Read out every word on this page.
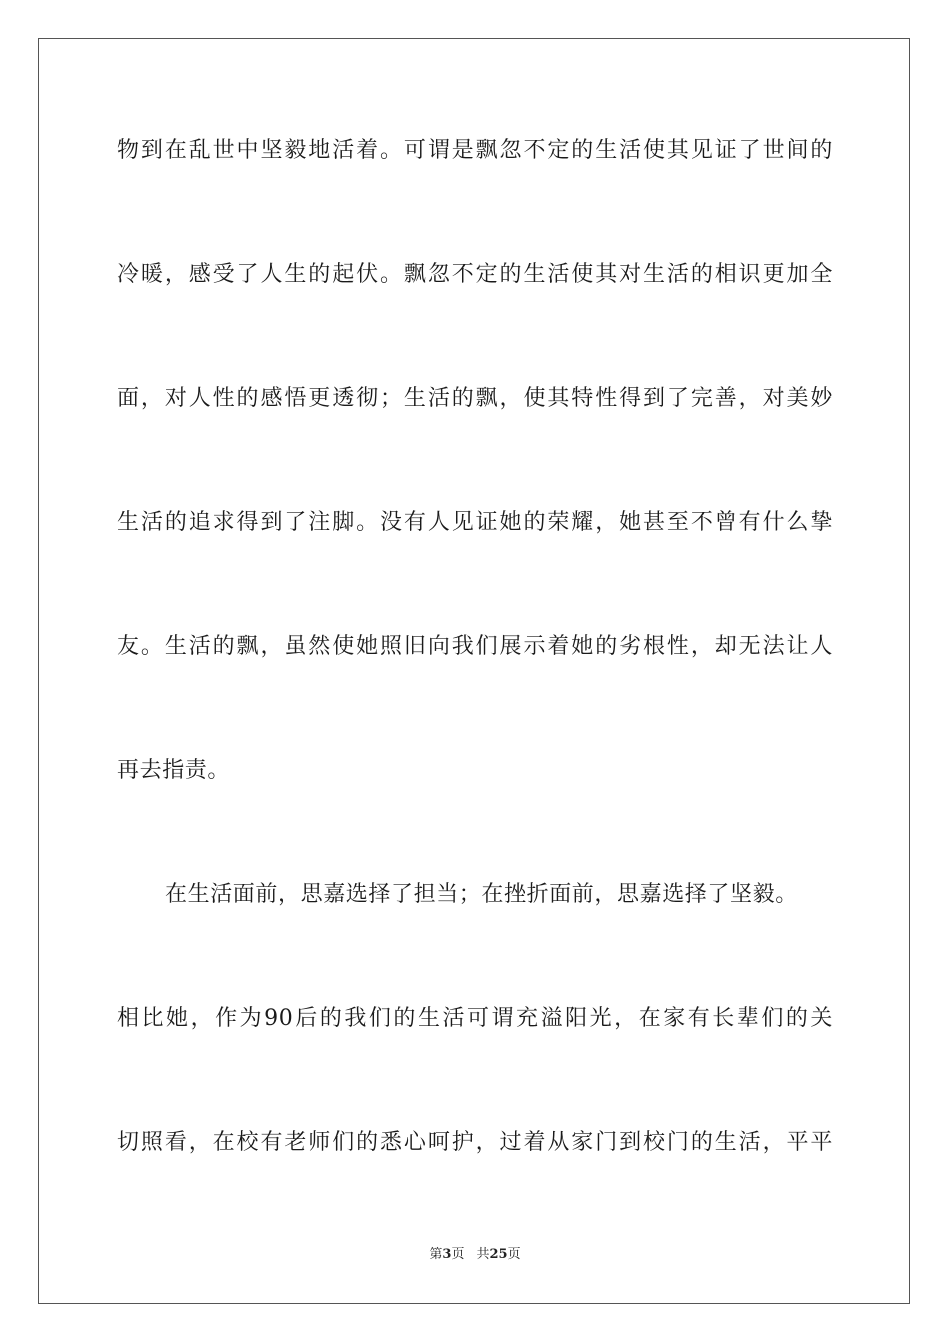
物到在乱世中坚毅地活着。可谓是飘忽不定的生活使其见证了世间的
冷暖，感受了人生的起伏。飘忽不定的生活使其对生活的相识更加全
面，对人性的感悟更透彻；生活的飘，使其特性得到了完善，对美妙
生活的追求得到了注脚。没有人见证她的荣耀，她甚至不曾有什么挚
友。生活的飘，虽然使她照旧向我们展示着她的劣根性，却无法让人
再去指责。
在生活面前，思嘉选择了担当；在挫折面前，思嘉选择了坚毅。
相比她，作为90后的我们的生活可谓充溢阳光，在家有长辈们的关
切照看，在校有老师们的悉心呵护，过着从家门到校门的生活，平平
第3页 共25页
